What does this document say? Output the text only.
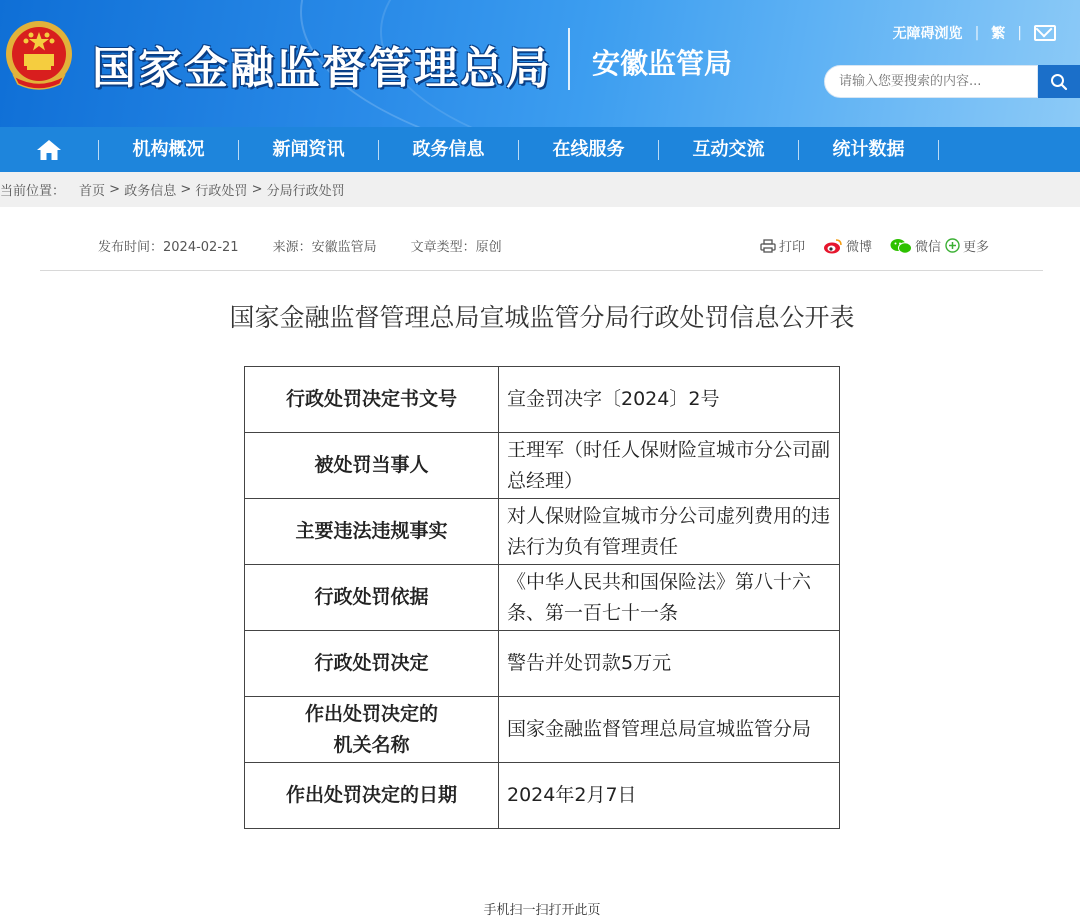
国家金融监督管理总局 安徽监管局
无障碍浏览 | 繁 |
请输入您要搜索的内容...
机构概况	新闻资讯	政务信息	在线服务	互动交流	统计数据
当前位置： 首页
>
政务信息
>
行政处罚
>
分局行政处罚
发布时间：2024-02-21	来源：安徽监管局	文章类型：原创	打印	微博	微信 更多
国家金融监督管理总局宣城监管分局行政处罚信息公开表
行政处罚决定书文号	宣金罚决字〔2024〕2号
被处罚当事人	王理军（时任人保财险宣城市分公司副总经理）
主要违法违规事实	对人保财险宣城市分公司虚列费用的违法行为负有管理责任
行政处罚依据	《中华人民共和国保险法》第八十六条、第一百七十一条
行政处罚决定	警告并处罚款5万元

作出处罚决定的
机关名称	国家金融监督管理总局宣城监管分局
作出处罚决定的日期	2024年2月7日
手机扫一扫打开此页
